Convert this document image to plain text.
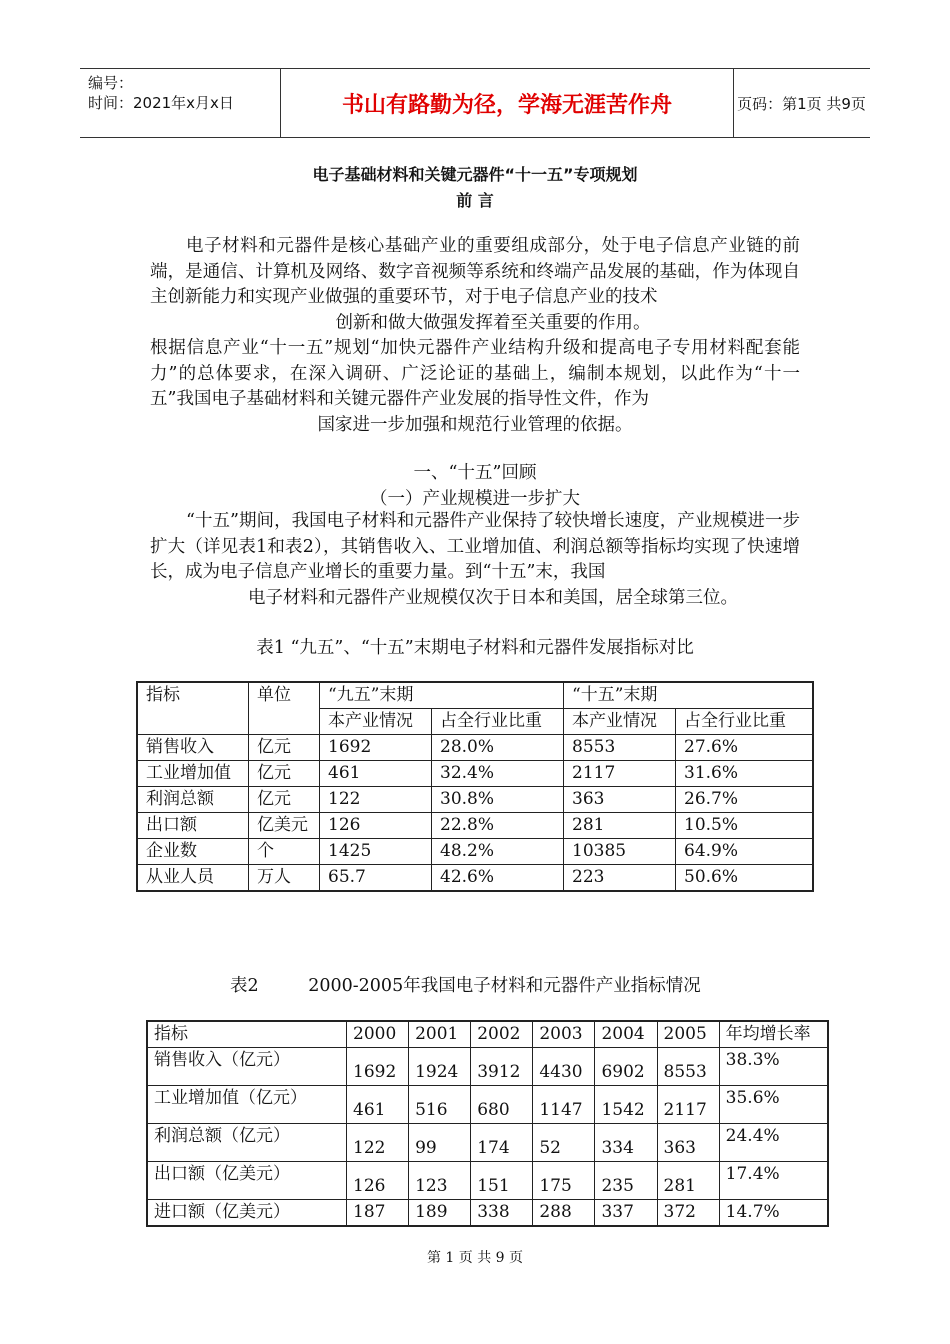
编号：
时间：2021年x月x日	书山有路勤为径，学海无涯苦作舟	页码：第1页 共9页
电子基础材料和关键元器件“十一五”专项规划
前 言

电子材料和元器件是核心基础产业的重要组成部分，处于电子信息产业链的前端，是通信、计算机及网络、数字音视频等系统和终端产品发展的基础，作为体现自主创新能力和实现产业做强的重要环节，对于电子信息产业的技术
创新和做大做强发挥着至关重要的作用。

根据信息产业“十一五”规划“加快元器件产业结构升级和提高电子专用材料配套能力”的总体要求，在深入调研、广泛论证的基础上，编制本规划，以此作为“十一五”我国电子基础材料和关键元器件产业发展的指导性文件，作为
国家进一步加强和规范行业管理的依据。

一、“十五”回顾
（一）产业规模进一步扩大

“十五”期间，我国电子材料和元器件产业保持了较快增长速度，产业规模进一步扩大（详见表1和表2），其销售收入、工业增加值、利润总额等指标均实现了快速增长，成为电子信息产业增长的重要力量。到“十五”末，我国
电子材料和元器件产业规模仅次于日本和美国，居全球第三位。

表1 “九五”、“十五”末期电子材料和元器件发展指标对比
指标	单位	“九五”末期		“十五”末期	
		本产业情况	占全行业比重	本产业情况	占全行业比重
销售收入	亿元	1692	28.0%	8553	27.6%
工业增加值	亿元	461	32.4%	2117	31.6%
利润总额	亿元	122	30.8%	363	26.7%
出口额	亿美元	126	22.8%	281	10.5%
企业数	个	1425	48.2%	10385	64.9%
从业人员	万人	65.7	42.6%	223	50.6%
表2	2000-2005年我国电子材料和元器件产业指标情况
指标	2000	2001	2002	2003	2004	2005	年均增长率
销售收入（亿元）	1692	1924	3912	4430	6902	8553	38.3%
工业增加值（亿元）	461	516	680	1147	1542	2117	35.6%
利润总额（亿元）	122	99	174	52	334	363	24.4%
出口额（亿美元）	126	123	151	175	235	281	17.4%
进口额（亿美元）	187	189	338	288	337	372	14.7%
第 1 页 共 9 页
